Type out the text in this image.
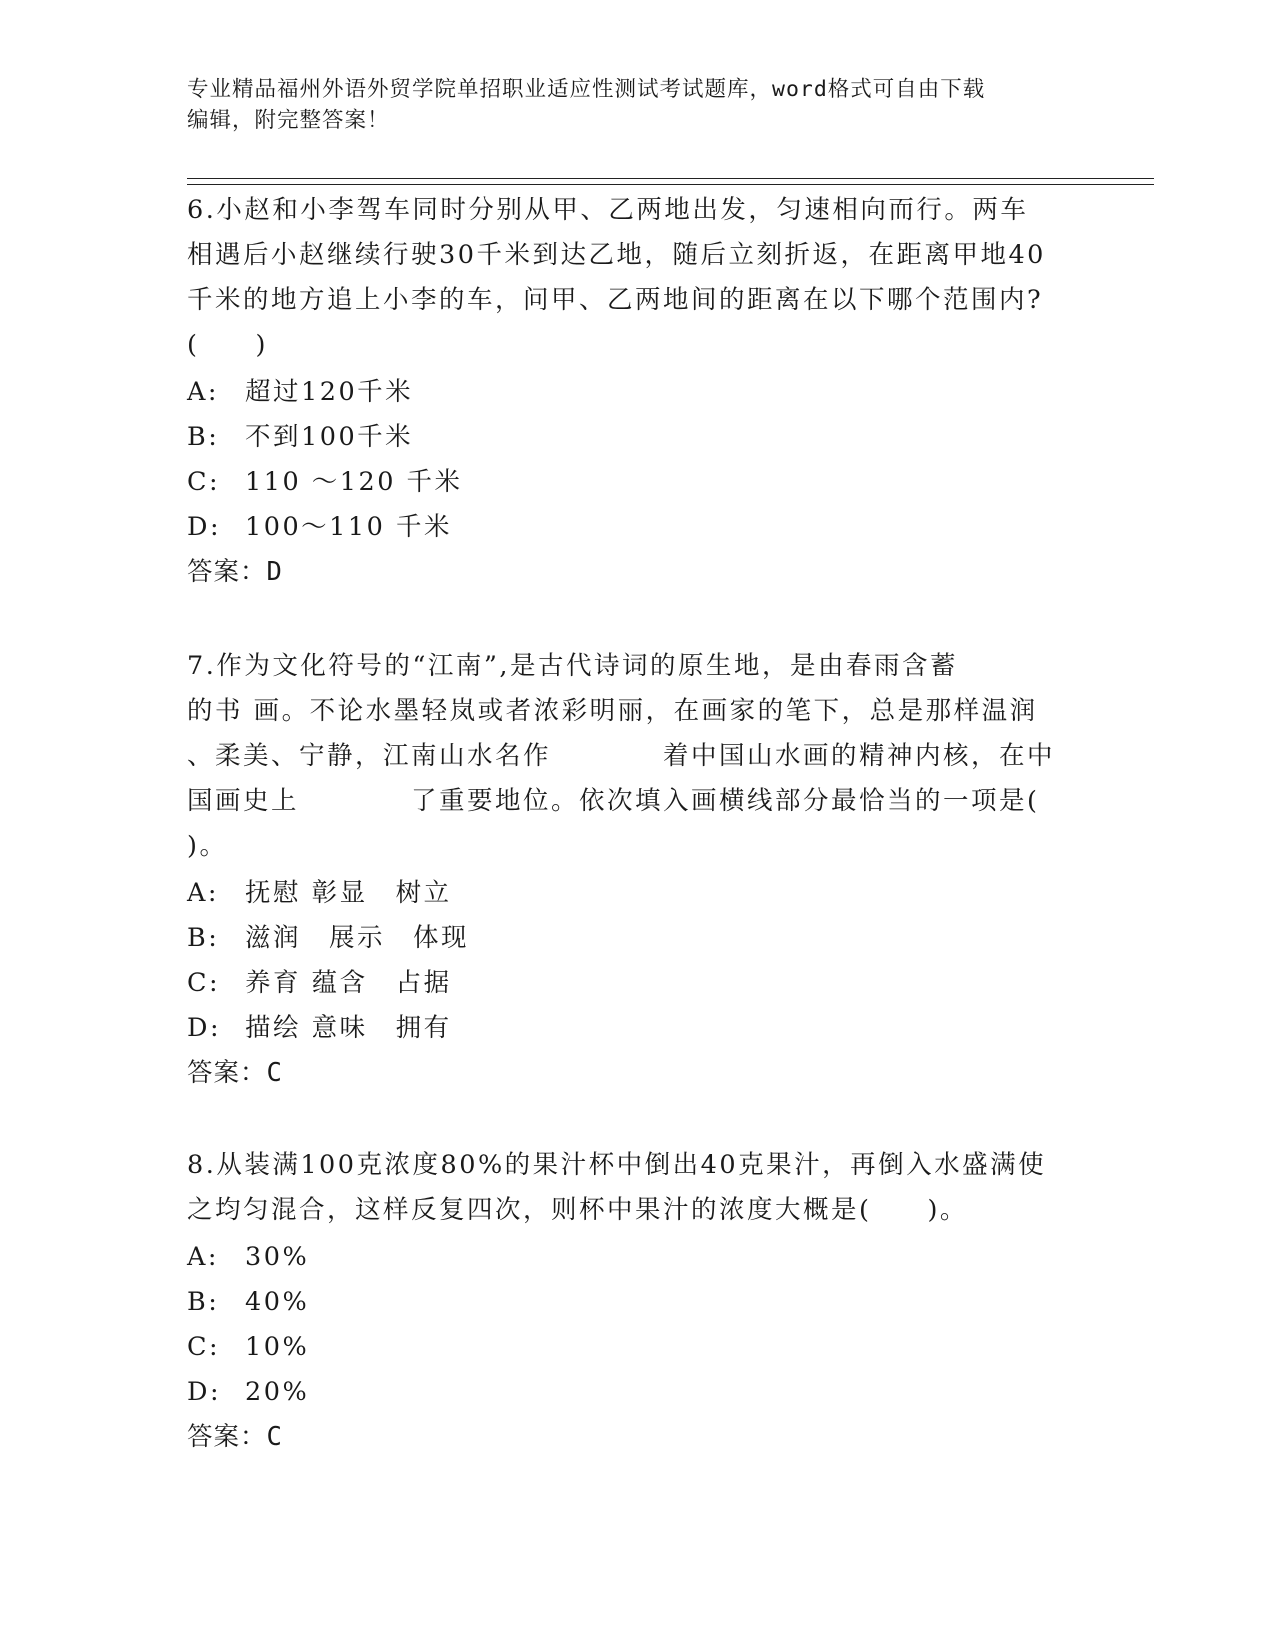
专业精品福州外语外贸学院单招职业适应性测试考试题库，word格式可自由下载
编辑，附完整答案！

6.小赵和小李驾车同时分别从甲、乙两地出发，匀速相向而行。两车

相遇后小赵继续行驶30千米到达乙地，随后立刻折返，在距离甲地40

千米的地方追上小李的车，问甲、乙两地间的距离在以下哪个范围内?

(　　)

A: 超过120千米
B: 不到100千米
C: 110 ～120 千米
D: 100～110 千米
答案：D

7.作为文化符号的“江南”,是古代诗词的原生地，是由春雨含蓄

的书 画。不论水墨轻岚或者浓彩明丽，在画家的笔下，总是那样温润

、柔美、宁静，江南山水名作　　　　着中国山水画的精神内核，在中

国画史上　　　　了重要地位。依次填入画横线部分最恰当的一项是(

)。

A: 抚慰 彰显　树立
B: 滋润　展示　体现
C: 养育 蕴含　占据
D: 描绘 意味　拥有
答案：C

8.从装满100克浓度80%的果汁杯中倒出40克果汁，再倒入水盛满使

之均匀混合，这样反复四次，则杯中果汁的浓度大概是(　　)。

A: 30%
B: 40%
C: 10%
D: 20%
答案：C
